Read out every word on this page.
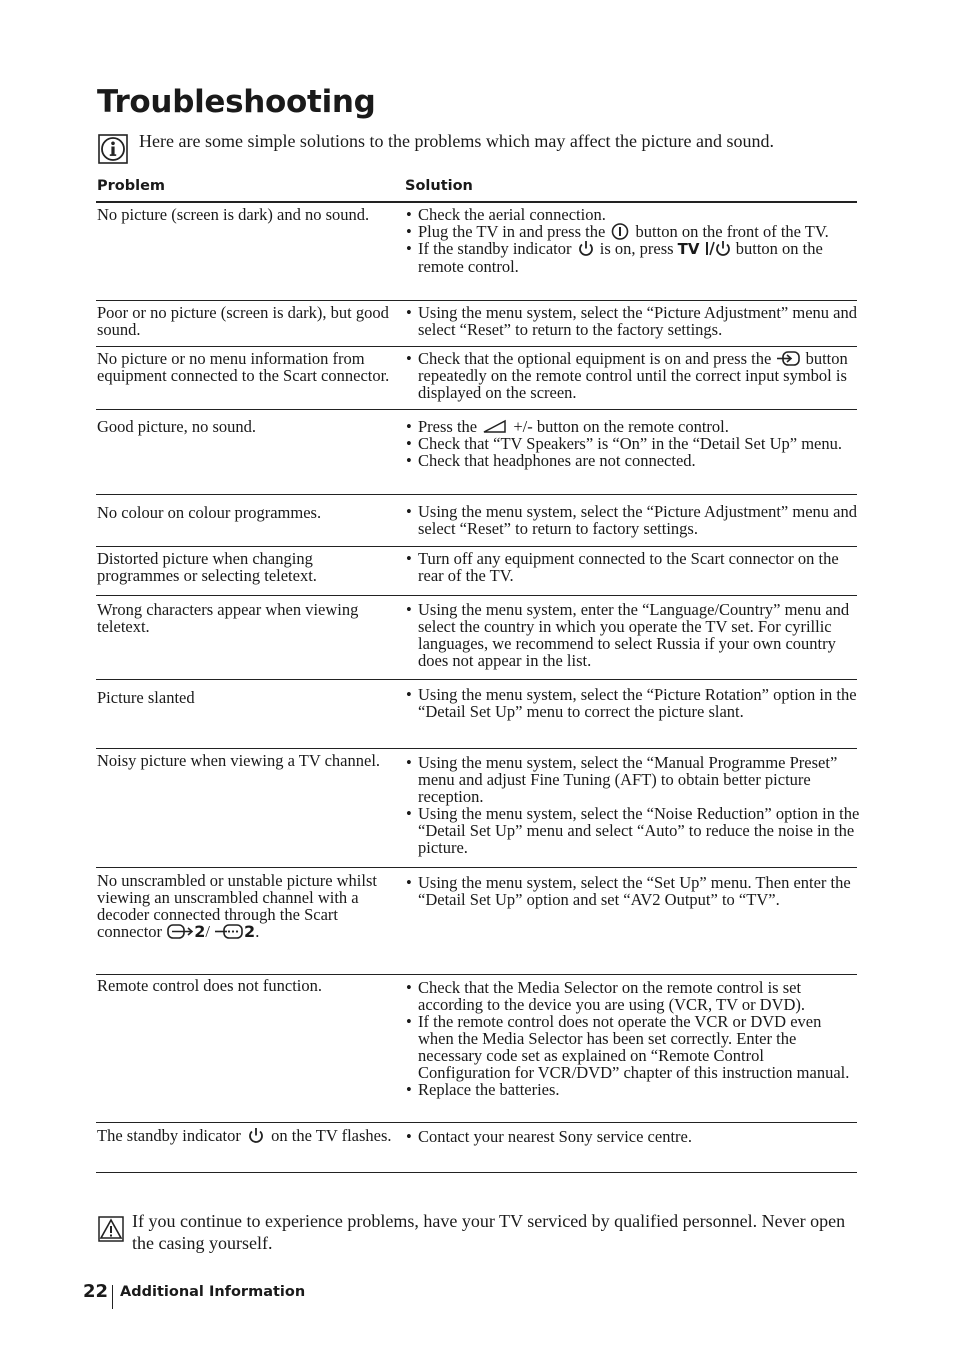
Troubleshooting
Here are some simple solutions to the problems which may affect the picture and sound.
Problem	Solution
No picture (screen is dark) and no sound.	• Check the aerial connection.
• Plug the TV in and press the button on the front of the TV.
• If the standby indicator is on, press TV button on the remote control.
Poor or no picture (screen is dark), but good sound.
• Using the menu system, select the “Picture Adjustment” menu and select “Reset” to return to the factory settings.
No picture or no menu information from equipment connected to the Scart connector.
• Check that the optional equipment is on and press the button repeatedly on the remote control until the correct input symbol is displayed on the screen.
Good picture, no sound.	• Press the +/- button on the remote control.
• Check that “TV Speakers” is “On” in the “Detail Set Up” menu.
• Check that headphones are not connected.
No colour on colour programmes.	• Using the menu system, select the “Picture Adjustment” menu and select “Reset” to return to factory settings.
Distorted picture when changing programmes or selecting teletext.
• Turn off any equipment connected to the Scart connector on the rear of the TV.
Wrong characters appear when viewing teletext.
• Using the menu system, enter the “Language/Country” menu and select the country in which you operate the TV set. For cyrillic languages, we recommend to select Russia if your own country does not appear in the list.
Picture slanted	• Using the menu system, select the “Picture Rotation” option in the “Detail Set Up” menu to correct the picture slant.
Noisy picture when viewing a TV channel.	• Using the menu system, select the “Manual Programme Preset” menu and adjust Fine Tuning (AFT) to obtain better picture reception.
• Using the menu system, select the “Noise Reduction” option in the “Detail Set Up” menu and select “Auto” to reduce the noise in the picture.
No unscrambled or unstable picture whilst viewing an unscrambled channel with a decoder connected through the Scart connector 2/ 2.
• Using the menu system, select the “Set Up” menu. Then enter the “Detail Set Up” option and set “AV2 Output” to “TV”.
Remote control does not function.	• Check that the Media Selector on the remote control is set according to the device you are using (VCR, TV or DVD).
• If the remote control does not operate the VCR or DVD even when the Media Selector has been set correctly. Enter the necessary code set as explained on “Remote Control Configuration for VCR/DVD” chapter of this instruction manual.
• Replace the batteries.
The standby indicator on the TV flashes.	• Contact your nearest Sony service centre.
If you continue to experience problems, have your TV serviced by qualified personnel. Never open the casing yourself.
22 Additional Information
